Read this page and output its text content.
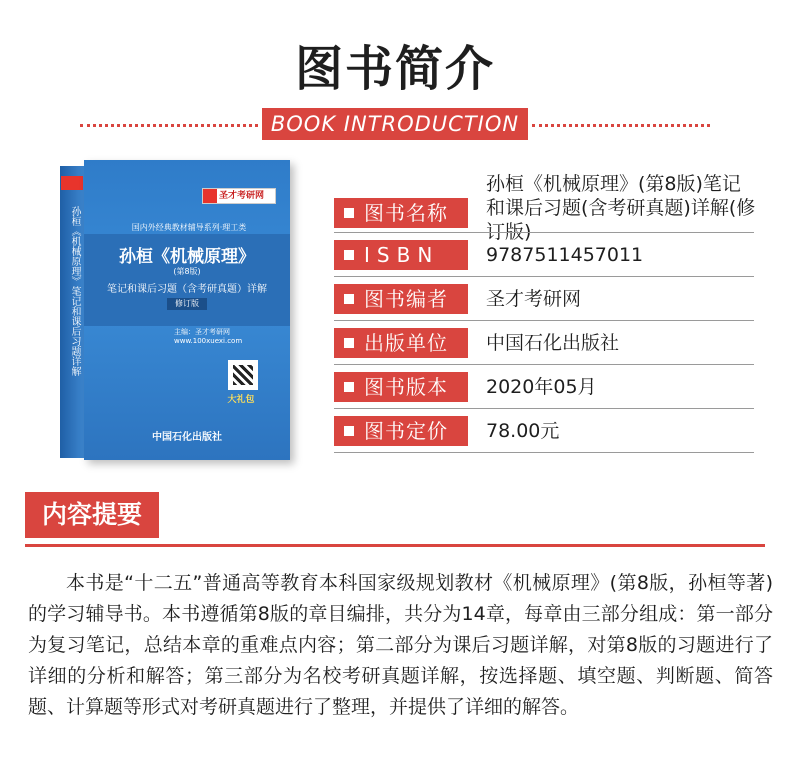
图书简介
BOOK INTRODUCTION
孙桓《机械原理》笔记和课后习题详解
圣才考研网
国内外经典教材辅导系列·理工类
孙桓《机械原理》
(第8版)
笔记和课后习题（含考研真题）详解
修订版
主编：圣才考研网
www.100xuexi.com
大礼包
中国石化出版社
图书名称
孙桓《机械原理》(第8版)笔记和课后习题(含考研真题)详解(修订版)
ISBN 9787511457011
图书编者 圣才考研网
出版单位 中国石化出版社
图书版本 2020年05月
图书定价 78.00元
内容提要
本书是“十二五”普通高等教育本科国家级规划教材《机械原理》(第8版，孙桓等著)的学习辅导书。本书遵循第8版的章目编排，共分为14章，每章由三部分组成：第一部分为复习笔记，总结本章的重难点内容；第二部分为课后习题详解，对第8版的习题进行了详细的分析和解答；第三部分为名校考研真题详解，按选择题、填空题、判断题、简答题、计算题等形式对考研真题进行了整理，并提供了详细的解答。
